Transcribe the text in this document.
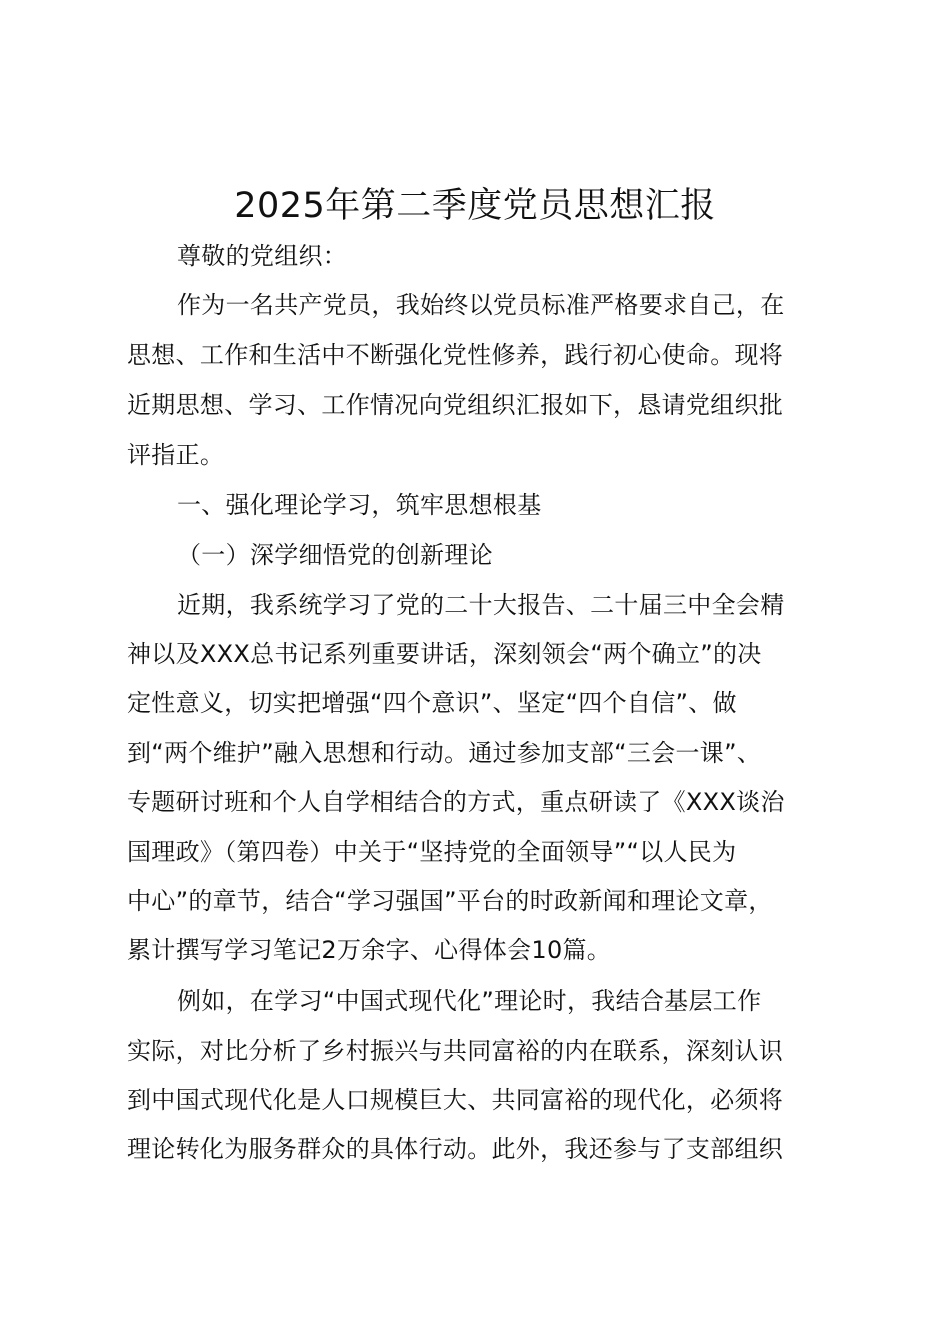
2025年第二季度党员思想汇报
尊敬的党组织：
作为一名共产党员，我始终以党员标准严格要求自己，在
思想、工作和生活中不断强化党性修养，践行初心使命。现将
近期思想、学习、工作情况向党组织汇报如下，恳请党组织批
评指正。
一、强化理论学习，筑牢思想根基
（一）深学细悟党的创新理论
近期，我系统学习了党的二十大报告、二十届三中全会精
神以及XXX总书记系列重要讲话，深刻领会“两个确立”的决
定性意义，切实把增强“四个意识”、坚定“四个自信”、做
到“两个维护”融入思想和行动。通过参加支部“三会一课”、
专题研讨班和个人自学相结合的方式，重点研读了《XXX谈治
国理政》（第四卷）中关于“坚持党的全面领导”“以人民为
中心”的章节，结合“学习强国”平台的时政新闻和理论文章，
累计撰写学习笔记2万余字、心得体会10篇。
例如，在学习“中国式现代化”理论时，我结合基层工作
实际，对比分析了乡村振兴与共同富裕的内在联系，深刻认识
到中国式现代化是人口规模巨大、共同富裕的现代化，必须将
理论转化为服务群众的具体行动。此外，我还参与了支部组织
